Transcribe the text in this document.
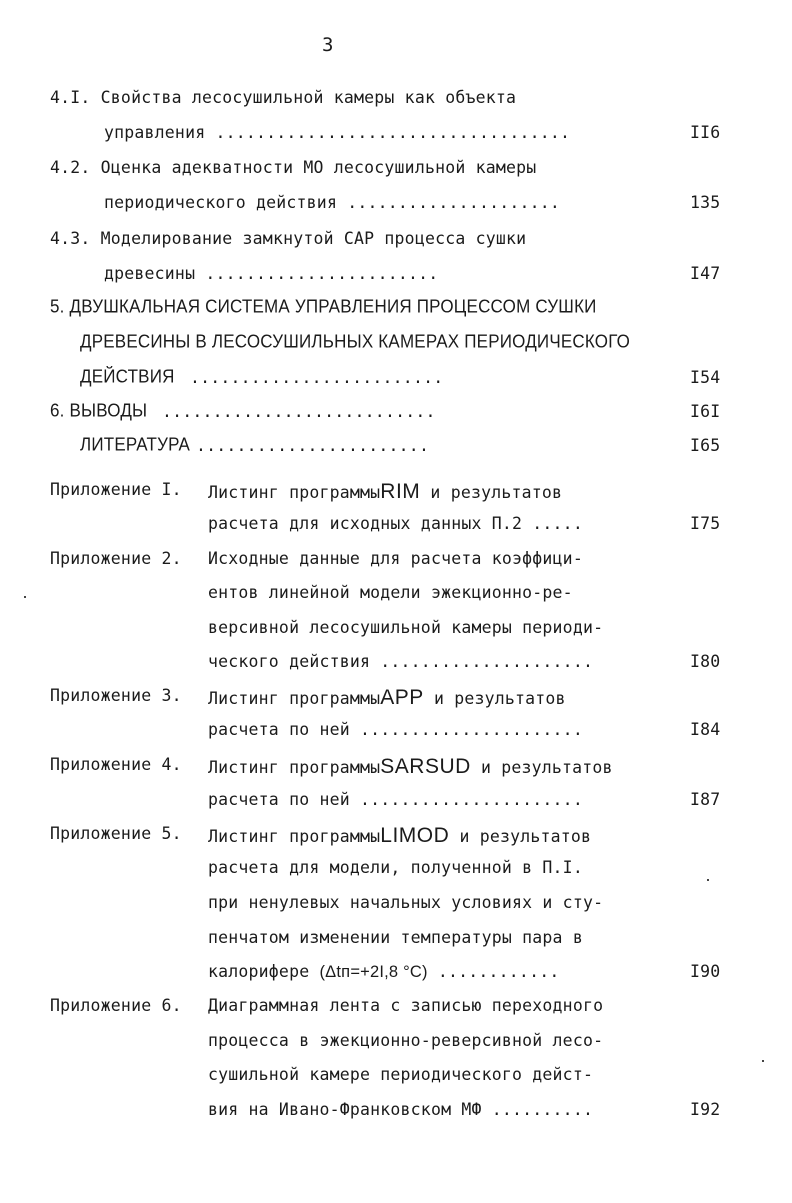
3
4.I. Свойства лесосушильной камеры как объекта
управления ...................................	II6
4.2. Оценка адекватности МО лесосушильной камеры
периодического действия .....................	135
4.3. Моделирование замкнутой САР процесса сушки
древесины .......................	I47
5. ДВУШКАЛЬНАЯ СИСТЕМА УПРАВЛЕНИЯ ПРОЦЕССОМ СУШКИ
ДРЕВЕСИНЫ В ЛЕСОСУШИЛЬНЫХ КАМЕРАХ ПЕРИОДИЧЕСКОГО
ДЕЙСТВИЯ .........................	I54
6. ВЫВОДЫ ...........................	I6I
ЛИТЕРАТУРА .......................	I65
Приложение I. Листинг программыRIM и результатов
расчета для исходных данных П.2 .....	I75
Приложение 2. Исходные данные для расчета коэффици-
ентов линейной модели эжекционно-ре-
версивной лесосушильной камеры периоди-
ческого действия .....................	I80
Приложение 3. Листинг программыAPP и результатов
расчета по ней ......................	I84
Приложение 4. Листинг программыSARSUD и результатов
расчета по ней ......................	I87
Приложение 5. Листинг программыLIMOD и результатов
расчета для модели, полученной в П.I.
при ненулевых начальных условиях и сту-
пенчатом изменении температуры пара в
калорифере (Δtп=+2I,8 °C) ............	I90
Приложение 6. Диаграммная лента с записью переходного
процесса в эжекционно-реверсивной лесо-
сушильной камере периодического дейст-
вия на Ивано-Франковском МФ ..........	I92
